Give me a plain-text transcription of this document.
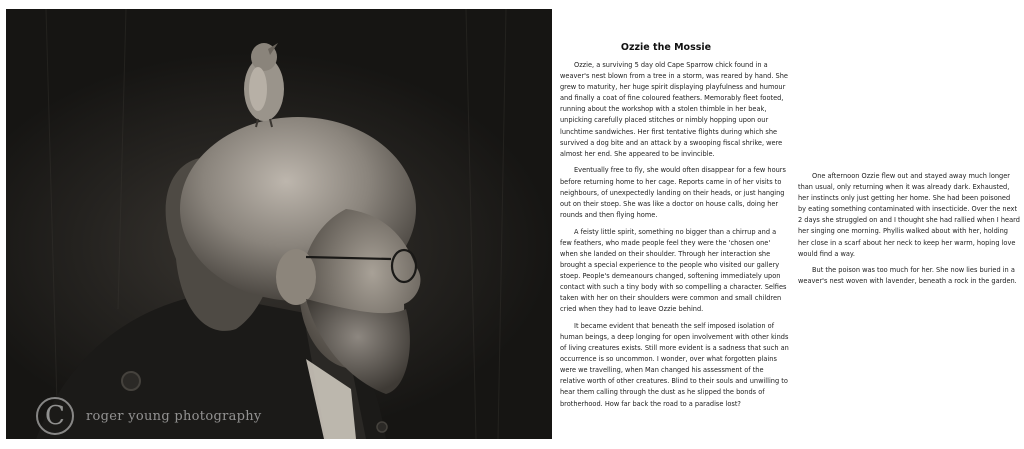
C	roger young photography
Ozzie the Mossie

Ozzie, a surviving 5 day old Cape Sparrow chick found in a weaver's nest blown from a tree in a storm, was reared by hand. She grew to maturity, her huge spirit displaying playfulness and humour and finally a coat of fine coloured feathers. Memorably fleet footed, running about the workshop with a stolen thimble in her beak, unpicking carefully placed stitches or nimbly hopping upon our lunchtime sandwiches. Her first tentative flights during which she survived a dog bite and an attack by a swooping fiscal shrike, were almost her end. She appeared to be invincible.

Eventually free to fly, she would often disappear for a few hours before returning home to her cage. Reports came in of her visits to neighbours, of unexpectedly landing on their heads, or just hanging out on their stoep. She was like a doctor on house calls, doing her rounds and then flying home.

A feisty little spirit, something no bigger than a chirrup and a few feathers, who made people feel they were the 'chosen one' when she landed on their shoulder. Through her interaction she brought a special experience to the people who visited our gallery stoep. People's demeanours changed, softening immediately upon contact with such a tiny body with so compelling a character. Selfies taken with her on their shoulders were common and small children cried when they had to leave Ozzie behind.

It became evident that beneath the self imposed isolation of human beings, a deep longing for open involvement with other kinds of living creatures exists. Still more evident is a sadness that such an occurrence is so uncommon. I wonder, over what forgotten plains were we travelling, when Man changed his assessment of the relative worth of other creatures. Blind to their souls and unwilling to hear them calling through the dust as he slipped the bonds of brotherhood. How far back the road to a paradise lost?

One afternoon Ozzie flew out and stayed away much longer than usual, only returning when it was already dark. Exhausted, her instincts only just getting her home. She had been poisoned by eating something contaminated with insecticide. Over the next 2 days she struggled on and I thought she had rallied when I heard her singing one morning. Phyllis walked about with her, holding her close in a scarf about her neck to keep her warm, hoping love would find a way.

But the poison was too much for her. She now lies buried in a weaver's nest woven with lavender, beneath a rock in the garden.
